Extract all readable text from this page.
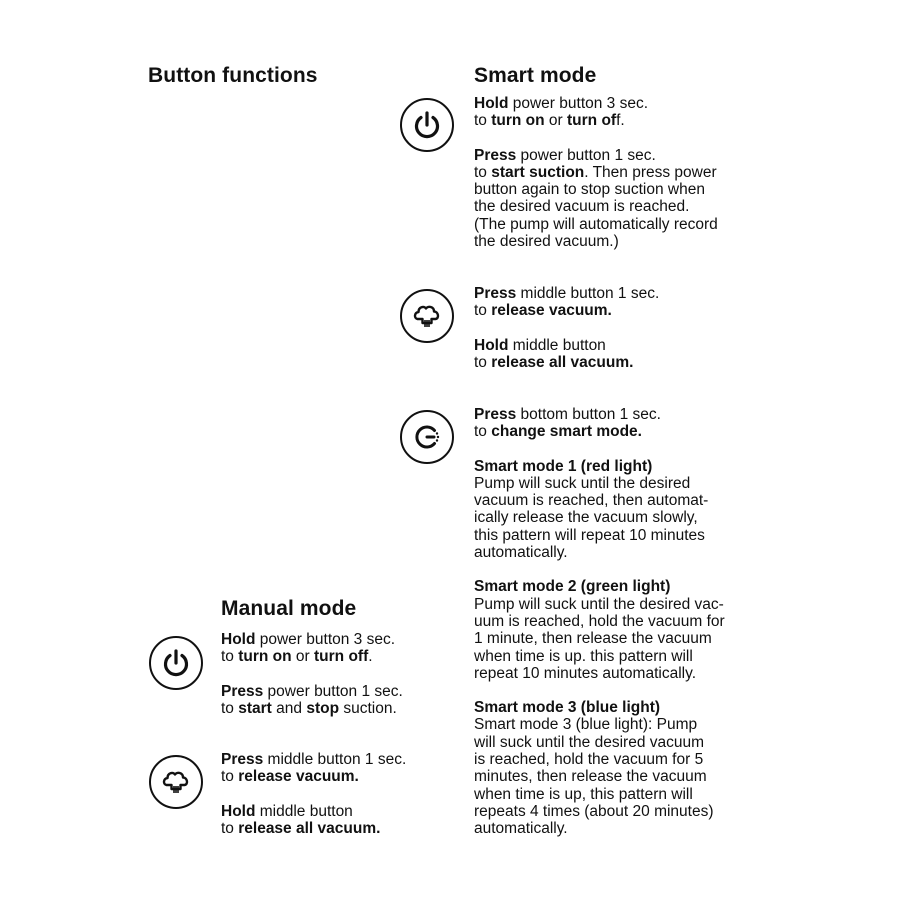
Button functions	Smart mode
Manual mode

Hold power button 3 sec.
to turn on or turn off.

Press power button 1 sec.
to start suction. Then press power
button again to stop suction when
the desired vacuum is reached.
(The pump will automatically record
the desired vacuum.)

Press middle button 1 sec.
to release vacuum.

Hold middle button
to release all vacuum.

Press bottom button 1 sec.
to change smart mode.

Smart mode 1 (red light)
Pump will suck until the desired
vacuum is reached, then automat-
ically release the vacuum slowly,
this pattern will repeat 10 minutes
automatically.

Smart mode 2 (green light)
Pump will suck until the desired vac-
uum is reached, hold the vacuum for
1 minute, then release the vacuum
when time is up. this pattern will
repeat 10 minutes automatically.

Smart mode 3 (blue light)
Smart mode 3 (blue light): Pump
will suck until the desired vacuum
is reached, hold the vacuum for 5
minutes, then release the vacuum
when time is up, this pattern will
repeats 4 times (about 20 minutes)
automatically.

Hold power button 3 sec.
to turn on or turn off.

Press power button 1 sec.
to start and stop suction.

Press middle button 1 sec.
to release vacuum.

Hold middle button
to release all vacuum.
